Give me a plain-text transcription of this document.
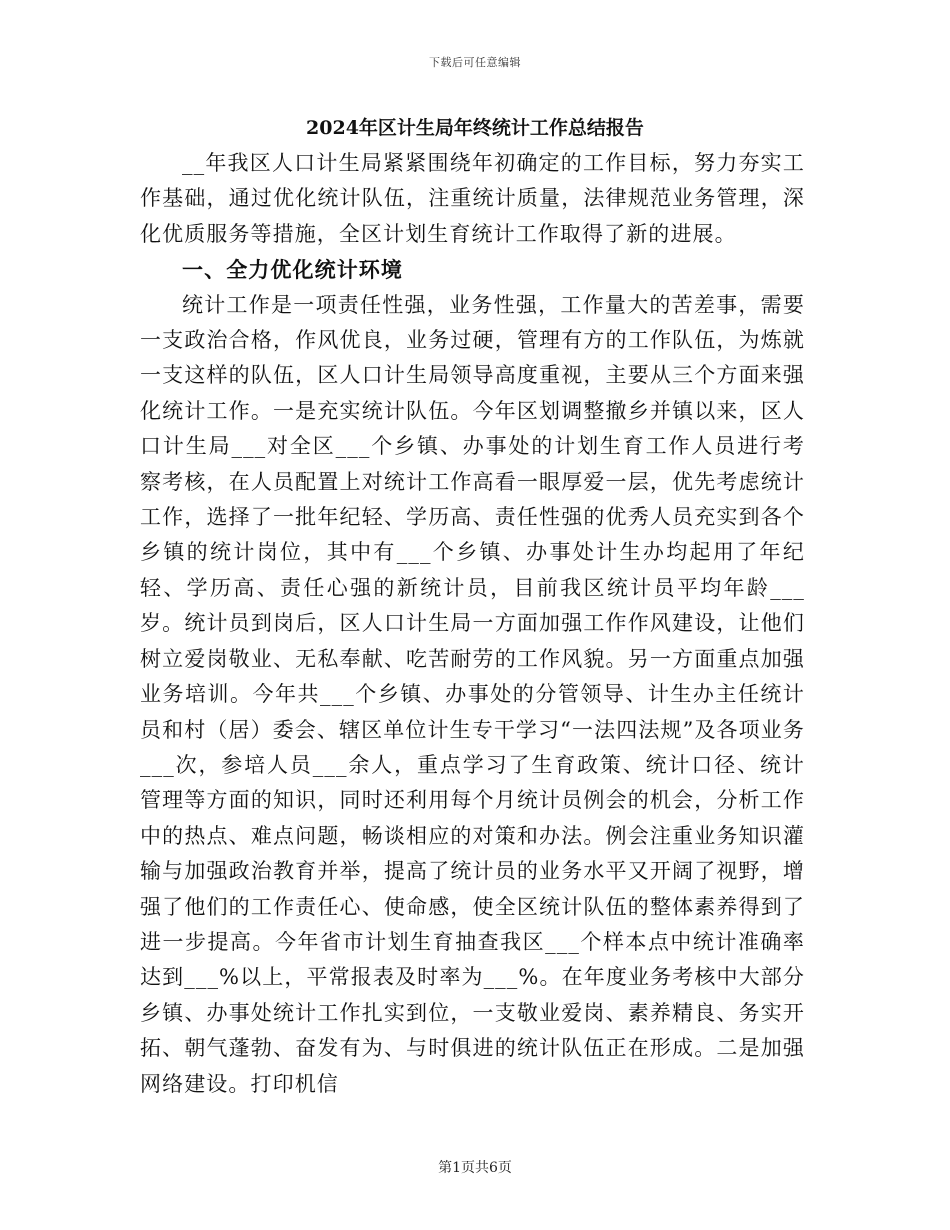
下载后可任意编辑
2024年区计生局年终统计工作总结报告

__年我区人口计生局紧紧围绕年初确定的工作目标，努力夯实工作基础，通过优化统计队伍，注重统计质量，法律规范业务管理，深化优质服务等措施，全区计划生育统计工作取得了新的进展。

一、全力优化统计环境

统计工作是一项责任性强，业务性强，工作量大的苦差事，需要一支政治合格，作风优良，业务过硬，管理有方的工作队伍，为炼就一支这样的队伍，区人口计生局领导高度重视，主要从三个方面来强化统计工作。一是充实统计队伍。今年区划调整撤乡并镇以来，区人口计生局___对全区___个乡镇、办事处的计划生育工作人员进行考察考核，在人员配置上对统计工作高看一眼厚爱一层，优先考虑统计工作，选择了一批年纪轻、学历高、责任性强的优秀人员充实到各个乡镇的统计岗位，其中有___个乡镇、办事处计生办均起用了年纪轻、学历高、责任心强的新统计员，目前我区统计员平均年龄___岁。统计员到岗后，区人口计生局一方面加强工作作风建设，让他们树立爱岗敬业、无私奉献、吃苦耐劳的工作风貌。另一方面重点加强业务培训。今年共___个乡镇、办事处的分管领导、计生办主任统计员和村（居）委会、辖区单位计生专干学习“一法四法规”及各项业务___次，参培人员___余人，重点学习了生育政策、统计口径、统计管理等方面的知识，同时还利用每个月统计员例会的机会，分析工作中的热点、难点问题，畅谈相应的对策和办法。例会注重业务知识灌输与加强政治教育并举，提高了统计员的业务水平又开阔了视野，增强了他们的工作责任心、使命感，使全区统计队伍的整体素养得到了进一步提高。今年省市计划生育抽查我区___个样本点中统计准确率达到___%以上，平常报表及时率为___%。在年度业务考核中大部分乡镇、办事处统计工作扎实到位，一支敬业爱岗、素养精良、务实开拓、朝气蓬勃、奋发有为、与时俱进的统计队伍正在形成。二是加强网络建设。打印机信

第1页共6页
